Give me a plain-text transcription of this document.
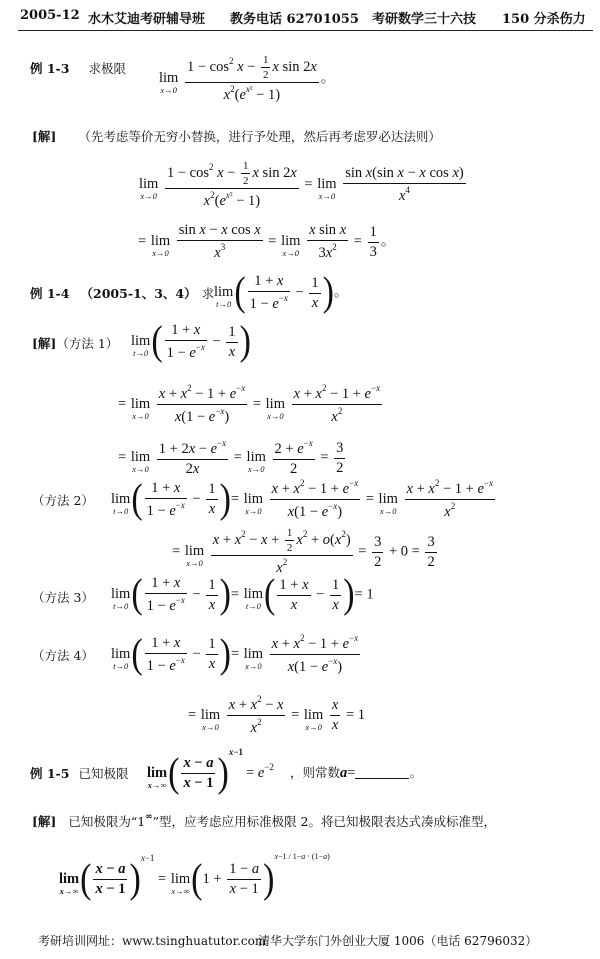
2005-12 水木艾迪考研辅导班 教务电话 62701055 考研数学三十六技 150 分杀伤力
例 1-3 求极限
lim
x→0
$\frac{1 - \cos^2 x - \frac{1}{2} x \sin 2x}{x^2(e^{x^2} - 1)}$ 。
[解] （先考虑等价无穷小替换，进行予处理，然后再考虑罗必达法则）
lim
x→0
$\frac{1 - \cos^2 x - \frac{1}{2} x \sin 2x}{x^2(e^{x^2} - 1)} = \lim$
x→0
$\frac{\text{sin x(sin x − x cos x)}}{x^4}$
= lim
x→0
$\frac{\text{sin x − x cos x}}{x^3} = \lim$
x→0
$\frac{\text{x sin x}}{3x^2} = \frac{1}{3}$ 。
例 1-4 （2005-1、3、4） 求 lim
t→0 ( $\frac{1 + x}{1 - e^{-x}} - \frac{1}{x}$ )。
[解]（方法 1） lim
t→0 ( $\frac{1 + x}{1 - e^{-x}} - \frac{1}{x}$ )
= lim
x→0
$\frac{x + x^2 - 1 + e^{-x}}{x(1 - e^{-x})} = \lim$
x→0
$\frac{x + x^2 - 1 + e^{-x}}{x^2}$
= lim
x→0
$\frac{1 + 2x - e^{-x}}{2x} = \lim$
x→0
$\frac{2 + e^{-x}}{2} = \frac{3}{2}$
（方法 2） lim
t→0 ( $\frac{1 + x}{1 - e^{-x}} - \frac{1}{x}$ )= lim
x→0
$\frac{x + x^2 - 1 + e^{-x}}{x(1 - e^{-x})} = \lim$
x→0
$\frac{x + x^2 - 1 + e^{-x}}{x^2}$
= lim
x→0
$\frac{x + x^2 - x + \frac{1}{2} x^2 + o(x^2)}{x^2} = \frac{3}{2} + 0 = \frac{3}{2}$
（方法 3） lim
t→0 ( $\frac{1 + x}{1 - e^{-x}} - \frac{1}{x}$ )= lim
t→0 ( $\frac{1 + x}{x} - \frac{1}{x}$ )= 1
（方法 4） lim
t→0 ( $\frac{1 + x}{1 - e^{-x}} - \frac{1}{x}$ )= lim
x→0
$\frac{x + x^2 - 1 + e^{-x}}{x(1 - e^{-x})}$
= lim
x→0
$\frac{x + x^2 - x}{x^2} = \lim$
x→0
$\frac{x}{x} = 1$
例 1-5 已知极限 lim
x→∞ ( $\frac{x - a}{x - 1} )^{x-1}$
= $e^{-2}$ ，则常数a=	。
[解] 已知极限为“1∞”型，应考虑应用标准极限 2。将已知极限表达式凑成标准型，
lim
x→∞ ( $\frac{x - a}{x - 1} )^{x-1} = \lim$
x→∞ $(1 + \frac{1 - a}{x - 1} )^{x-1 / 1-a \cdot (1-a)}$
考研培训网址：www.tsinghuatutor.com
清华大学东门外创业大厦 1006（电话 62796032）
